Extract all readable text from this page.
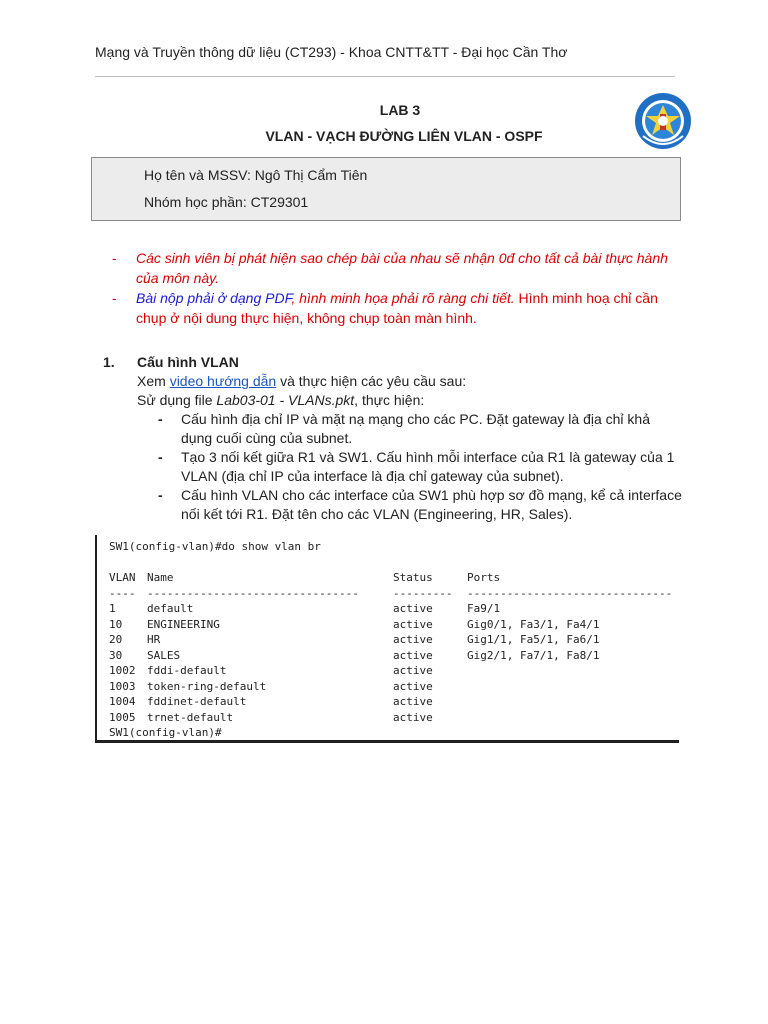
Mạng và Truyền thông dữ liệu (CT293) - Khoa CNTT&TT - Đại học Cần Thơ
LAB 3
VLAN - VẠCH ĐƯỜNG LIÊN VLAN - OSPF
Họ tên và MSSV: Ngô Thị Cẩm Tiên
Nhóm học phần: CT29301
- Các sinh viên bị phát hiện sao chép bài của nhau sẽ nhận 0đ cho tất cả bài thực hành của môn này.
- Bài nộp phải ở dạng PDF, hình minh họa phải rõ ràng chi tiết. Hình minh hoạ chỉ cần chụp ở nội dung thực hiện, không chụp toàn màn hình.
1. Cấu hình VLAN
Xem video hướng dẫn và thực hiện các yêu cầu sau:
Sử dụng file Lab03-01 - VLANs.pkt, thực hiện:
- Cấu hình địa chỉ IP và mặt nạ mạng cho các PC. Đặt gateway là địa chỉ khả dụng cuối cùng của subnet.
- Tạo 3 nối kết giữa R1 và SW1. Cấu hình mỗi interface của R1 là gateway của 1 VLAN (địa chỉ IP của interface là địa chỉ gateway của subnet).
- Cấu hình VLAN cho các interface của SW1 phù hợp sơ đồ mạng, kể cả interface nối kết tới R1. Đặt tên cho các VLAN (Engineering, HR, Sales).
SW1(config-vlan)#do show vlan br
VLAN Name	Status	Ports
---- --------------------------------	--------- -------------------------------
1	default	active	Fa9/1
10 ENGINEERING	active	Gig0/1, Fa3/1, Fa4/1
20 HR	active	Gig1/1, Fa5/1, Fa6/1
30 SALES	active	Gig2/1, Fa7/1, Fa8/1
1002 fddi-default	active
1003 token-ring-default	active
1004 fddinet-default	active
1005 trnet-default	active
SW1(config-vlan)#
